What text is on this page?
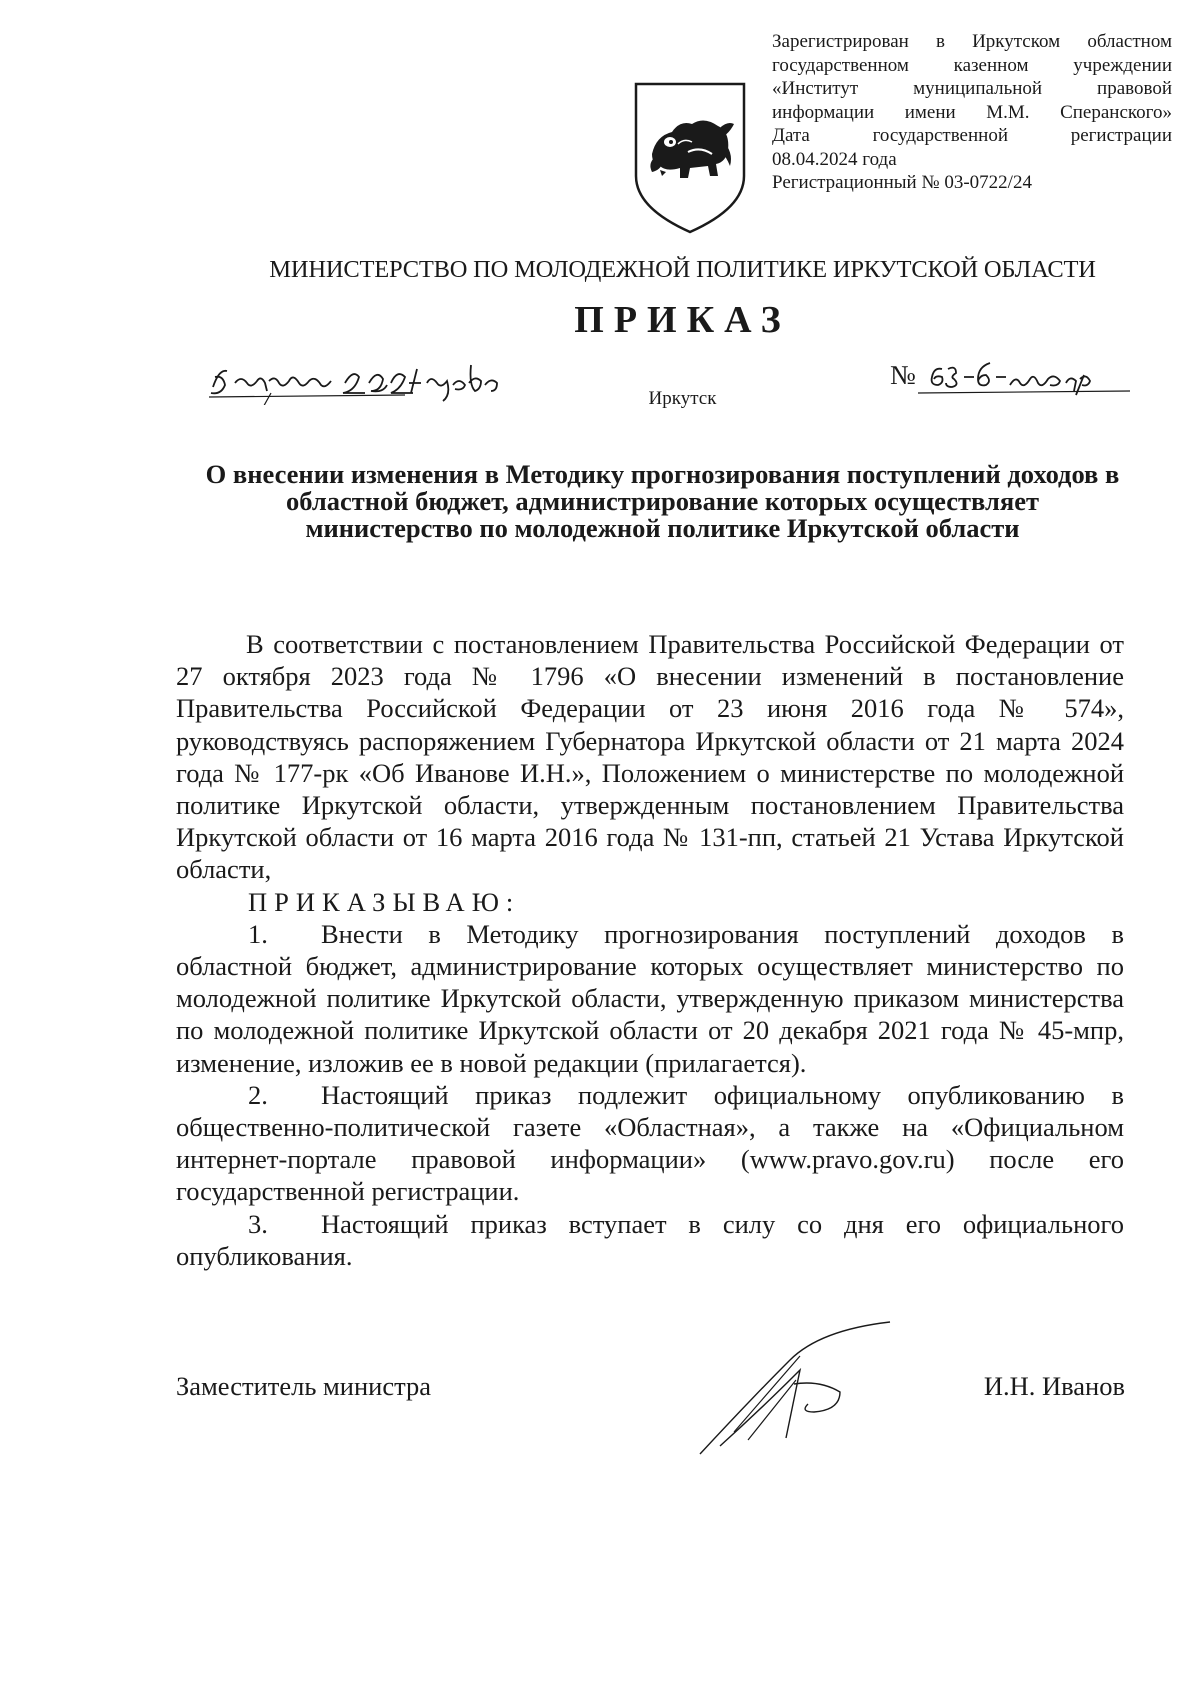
Зарегистрирован в Иркутском областном
государственном казенном учреждении
«Институт муниципальной правовой
информации имени М.М. Сперанского»
Дата государственной регистрации
08.04.2024 года
Регистрационный № 03-0722/24
МИНИСТЕРСТВО ПО МОЛОДЕЖНОЙ ПОЛИТИКЕ ИРКУТСКОЙ ОБЛАСТИ
ПРИКАЗ
Иркутск
№
О внесении изменения в Методику прогнозирования поступлений доходов в областной бюджет, администрирование которых осуществляет министерство по молодежной политике Иркутской области

В соответствии с постановлением Правительства Российской Федерации от 27 октября 2023 года № 1796 «О внесении изменений в постановление Правительства Российской Федерации от 23 июня 2016 года № 574», руководствуясь распоряжением Губернатора Иркутской области от 21 марта 2024 года № 177-рк «Об Иванове И.Н.», Положением о министерстве по молодежной политике Иркутской области, утвержденным постановлением Правительства Иркутской области от 16 марта 2016 года № 131-пп, статьей 21 Устава Иркутской области,

ПРИКАЗЫВАЮ:

1. Внести в Методику прогнозирования поступлений доходов в областной бюджет, администрирование которых осуществляет министерство по молодежной политике Иркутской области, утвержденную приказом министерства по молодежной политике Иркутской области от 20 декабря 2021 года № 45-мпр, изменение, изложив ее в новой редакции (прилагается).

2. Настоящий приказ подлежит официальному опубликованию в общественно-политической газете «Областная», а также на «Официальном интернет-портале правовой информации» (www.pravo.gov.ru) после его государственной регистрации.

3. Настоящий приказ вступает в силу со дня его официального опубликования.

Заместитель министра	И.Н. Иванов
